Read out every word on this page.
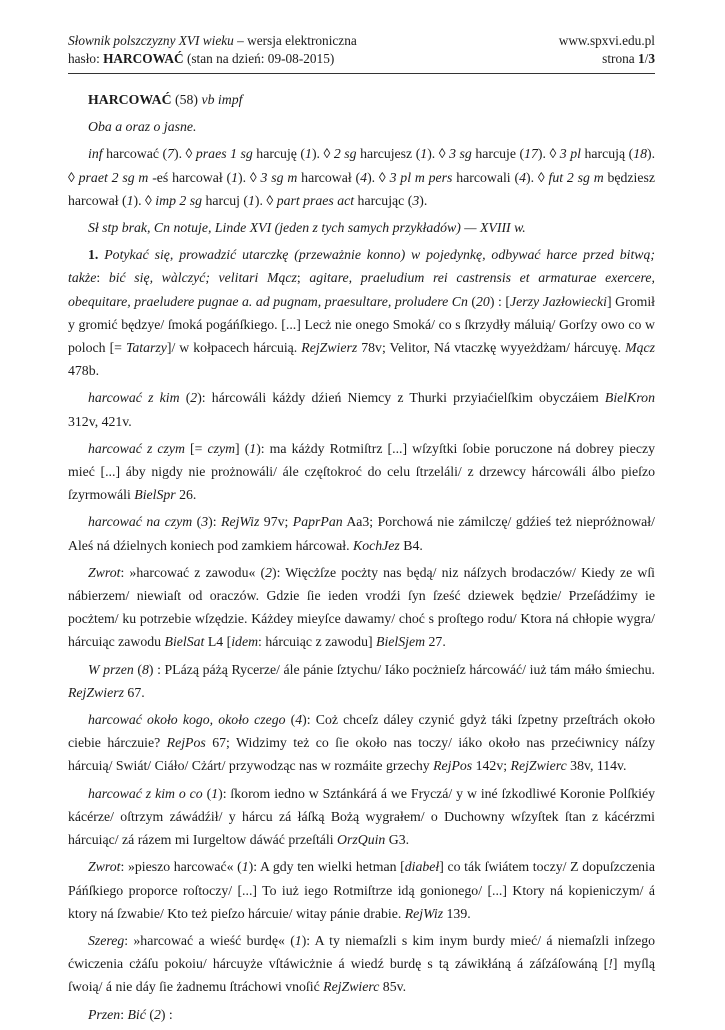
Słownik polszczyzny XVI wieku – wersja elektroniczna
hasło: HARCOWAĆ (stan na dzień: 09-08-2015)
www.spxvi.edu.pl
strona 1/3

HARCOWAĆ (58) vb impf

Oba a oraz o jasne.

inf harcować (7). ◊ praes 1 sg harcuję (1). ◊ 2 sg harcujesz (1). ◊ 3 sg harcuje (17). ◊ 3 pl harcują (18). ◊ praet 2 sg m -eś harcował (1). ◊ 3 sg m harcował (4). ◊ 3 pl m pers harcowali (4). ◊ fut 2 sg m będziesz harcował (1). ◊ imp 2 sg harcuj (1). ◊ part praes act harcując (3).

Sł stp brak, Cn notuje, Linde XVI (jeden z tych samych przykładów) — XVIII w.

1. Potykać się, prowadzić utarczkę (przeważnie konno) w pojedynkę, odbywać harce przed bitwą; także: bić się, wàlczyć; velitari Mącz; agitare, praeludium rei castrensis et armaturae exercere, obequitare, praeludere pugnae a. ad pugnam, praesultare, proludere Cn (20) : [Jerzy Jazłowiecki] Gromił y gromić będzye/ ſmoká pogáńſkiego. [...] Lecż nie onego Smoká/ co s ſkrzydły máluią/ Gorſzy owo co w poloch [= Tatarzy]/ w kołpacech hárcuią. RejZwierz 78v; Velitor, Ná vtaczkę wyyeżdżam/ hárcuyę. Mącz 478b.

harcować z kim (2): hárcowáli káżdy dźień Niemcy z Thurki przyiaćielſkim obyczáiem BielKron 312v, 421v.

harcować z czym [= czym] (1): ma káżdy Rotmiſtrz [...] wſzyſtki ſobie poruczone ná dobrey pieczy mieć [...] áby nigdy nie prożnowáli/ ále częſtokroć do celu ſtrzeláli/ z drzewcy hárcowáli álbo pieſzo ſzyrmowáli BielSpr 26.

harcować na czym (3): RejWiz 97v; PaprPan Aa3; Porchowá nie zámilczę/ gdźieś też niepróżnował/ Aleś ná dźielnych koniech pod zamkiem hárcował. KochJez B4.

Zwrot: »harcować z zawodu« (2): Więcżſze pocżty nas będą/ niz náſzych brodaczów/ Kiedy ze wſi nábierzem/ niewiaſt od oraczów. Gdzie ſie ieden vrodźi ſyn ſześć dziewek będzie/ Przeſádźimy ie pocżtem/ ku potrzebie wſzędzie. Káżdey mieyſce dawamy/ choć s proſtego rodu/ Ktora ná chłopie wygra/ hárcuiąc zawodu BielSat L4 [idem: hárcuiąc z zawodu] BielSjem 27.

W przen (8) : PLázą páżą Rycerze/ ále pánie ſztychu/ Iáko pocżnieſz hárcowáć/ iuż tám máło śmiechu. RejZwierz 67.

harcować około kogo, około czego (4): Coż chceſz dáley czynić gdyż táki ſzpetny przeſtrách około ciebie hárczuie? RejPos 67; Widzimy też co ſie około nas toczy/ iáko około nas przećiwnicy náſzy hárcuią/ Swiát/ Ciáło/ Cżárt/ przywodząc nas w rozmáite grzechy RejPos 142v; RejZwierc 38v, 114v.

harcować z kim o co (1): ſkorom iedno w Sztánkárá á we Fryczá/ y w iné ſzkodliwé Koronie Polſkiéy kácérze/ oſtrzym záwádźił/ y hárcu zá łáſką Bożą wygrałem/ o Duchowny wſzyſtek ſtan z kácérzmi hárcuiąc/ zá rázem mi Iurgeltow dáwáć przeſtáli OrzQuin G3.

Zwrot: »pieszo harcować« (1): A gdy ten wielki hetman [diabeł] co ták ſwiátem toczy/ Z dopuſzczenia Páńſkiego proporce roſtoczy/ [...] To iuż iego Rotmiſtrze idą gonionego/ [...] Ktory ná kopieniczym/ á ktory ná ſzwabie/ Kto też pieſzo hárcuie/ witay pánie drabie. RejWiz 139.

Szereg: »harcować a wieść burdę« (1): A ty niemaſzli s kim inym burdy mieć/ á niemaſzli inſzego ćwiczenia cżáſu pokoiu/ hárcuyże vſtáwicżnie á wiedź burdę s tą záwikłáną á záſzáſowáną [!] myſlą ſwoią/ á nie dáy ſie żadnemu ſtráchowi vnoſić RejZwierc 85v.

Przen: Bić (2) :
